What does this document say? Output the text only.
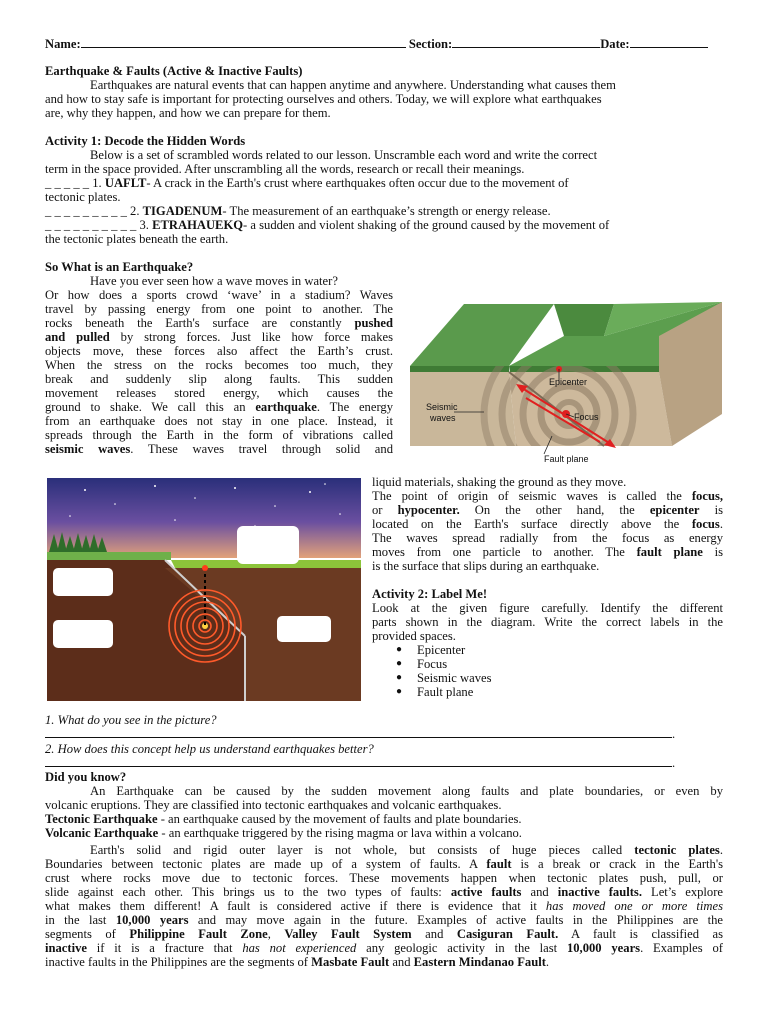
Name:	Section:	Date:
Earthquake & Faults (Active & Inactive Faults)
Earthquakes are natural events that can happen anytime and anywhere. Understanding what causes them
and how to stay safe is important for protecting ourselves and others. Today, we will explore what earthquakes
are, why they happen, and how we can prepare for them.
Activity 1: Decode the Hidden Words
Below is a set of scrambled words related to our lesson. Unscramble each word and write the correct
term in the space provided. After unscrambling all the words, research or recall their meanings.
_ _ _ _ _ 1. UAFLT- A crack in the Earth's crust where earthquakes often occur due to the movement of
tectonic plates.
_ _ _ _ _ _ _ _ _ 2. TIGADENUM- The measurement of an earthquake’s strength or energy release.
_ _ _ _ _ _ _ _ _ _ 3. ETRAHAUEKQ- a sudden and violent shaking of the ground caused by the movement of
the tectonic plates beneath the earth.
So What is an Earthquake?
Have you ever seen how a wave moves in water?
Or how does a sports crowd ‘wave’ in a stadium? Waves
travel by passing energy from one point to another. The
rocks beneath the Earth's surface are constantly pushed
and pulled by strong forces. Just like how force makes
objects move, these forces also affect the Earth’s crust.
When the stress on the rocks becomes too much, they
break and suddenly slip along faults. This sudden
movement releases stored energy, which causes the
ground to shake. We call this an earthquake. The energy
from an earthquake does not stay in one place. Instead, it
spreads through the Earth in the form of vibrations called
seismic waves. These waves travel through solid and
Epicenter
Focus
Seismic
waves
Fault plane
liquid materials, shaking the ground as they move.
The point of origin of seismic waves is called the focus,
or hypocenter. On the other hand, the epicenter is
located on the Earth's surface directly above the focus.
The waves spread radially from the focus as energy
moves from one particle to another. The fault plane is
is the surface that slips during an earthquake.
Activity 2: Label Me!
Look at the given figure carefully. Identify the different
parts shown in the diagram. Write the correct labels in the
provided spaces.
● Epicenter
● Focus
● Seismic waves
● Fault plane
1. What do you see in the picture?
.
2. How does this concept help us understand earthquakes better?
.
Did you know?
An Earthquake can be caused by the sudden movement along faults and plate boundaries, or even by
volcanic eruptions. They are classified into tectonic earthquakes and volcanic earthquakes.
Tectonic Earthquake - an earthquake caused by the movement of faults and plate boundaries.
Volcanic Earthquake - an earthquake triggered by the rising magma or lava within a volcano.
Earth's solid and rigid outer layer is not whole, but consists of huge pieces called tectonic plates.
Boundaries between tectonic plates are made up of a system of faults. A fault is a break or crack in the Earth's
crust where rocks move due to tectonic forces. These movements happen when tectonic plates push, pull, or
slide against each other. This brings us to the two types of faults: active faults and inactive faults. Let’s explore
what makes them different! A fault is considered active if there is evidence that it has moved one or more times
in the last 10,000 years and may move again in the future. Examples of active faults in the Philippines are the
segments of Philippine Fault Zone, Valley Fault System and Casiguran Fault. A fault is classified as
inactive if it is a fracture that has not experienced any geologic activity in the last 10,000 years. Examples of
inactive faults in the Philippines are the segments of Masbate Fault and Eastern Mindanao Fault.
